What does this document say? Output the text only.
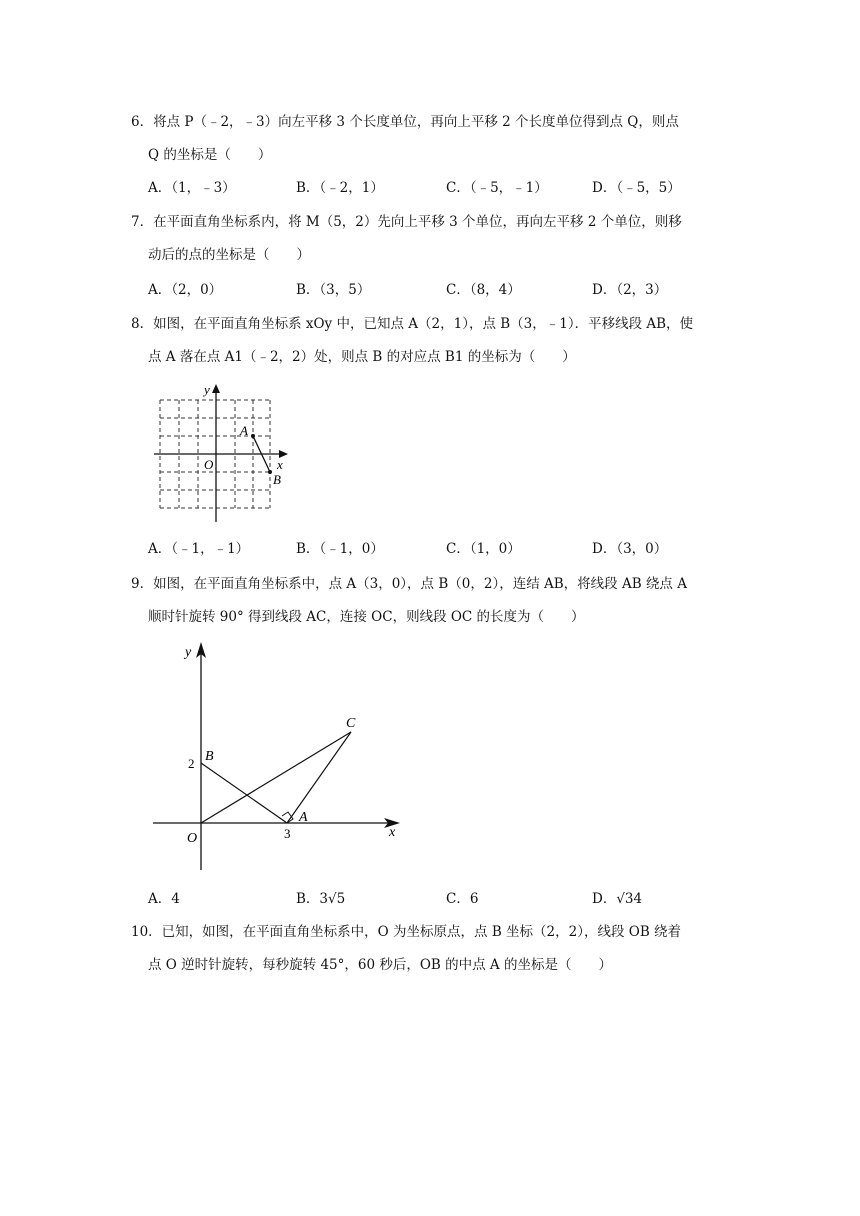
6．将点 P（﹣2，﹣3）向左平移 3 个长度单位，再向上平移 2 个长度单位得到点 Q，则点
Q 的坐标是（　　）
A．（1，﹣3）	B．（﹣2，1）	C．（﹣5，﹣1）	D．（﹣5，5）
7．在平面直角坐标系内，将 M（5，2）先向上平移 3 个单位，再向左平移 2 个单位，则移
动后的点的坐标是（　　）
A．（2，0）	B．（3，5）	C．（8，4）	D．（2，3）
8．如图，在平面直角坐标系 xOy 中，已知点 A（2，1），点 B（3，﹣1）．平移线段 AB，使
点 A 落在点 A1（﹣2，2）处，则点 B 的对应点 B1 的坐标为（　　）
y
x
O
A
B
A．（﹣1，﹣1）	B．（﹣1，0）	C．（1，0）	D．（3，0）
9．如图，在平面直角坐标系中，点 A（3，0），点 B（0，2），连结 AB，将线段 AB 绕点 A
顺时针旋转 90° 得到线段 AC，连接 OC，则线段 OC 的长度为（　　）
y
x
O
B
C
A
2
3
A．4	B．3√5	C．6	D．√34
10．已知，如图，在平面直角坐标系中，O 为坐标原点，点 B 坐标（2，2），线段 OB 绕着
点 O 逆时针旋转，每秒旋转 45°，60 秒后，OB 的中点 A 的坐标是（　　）
